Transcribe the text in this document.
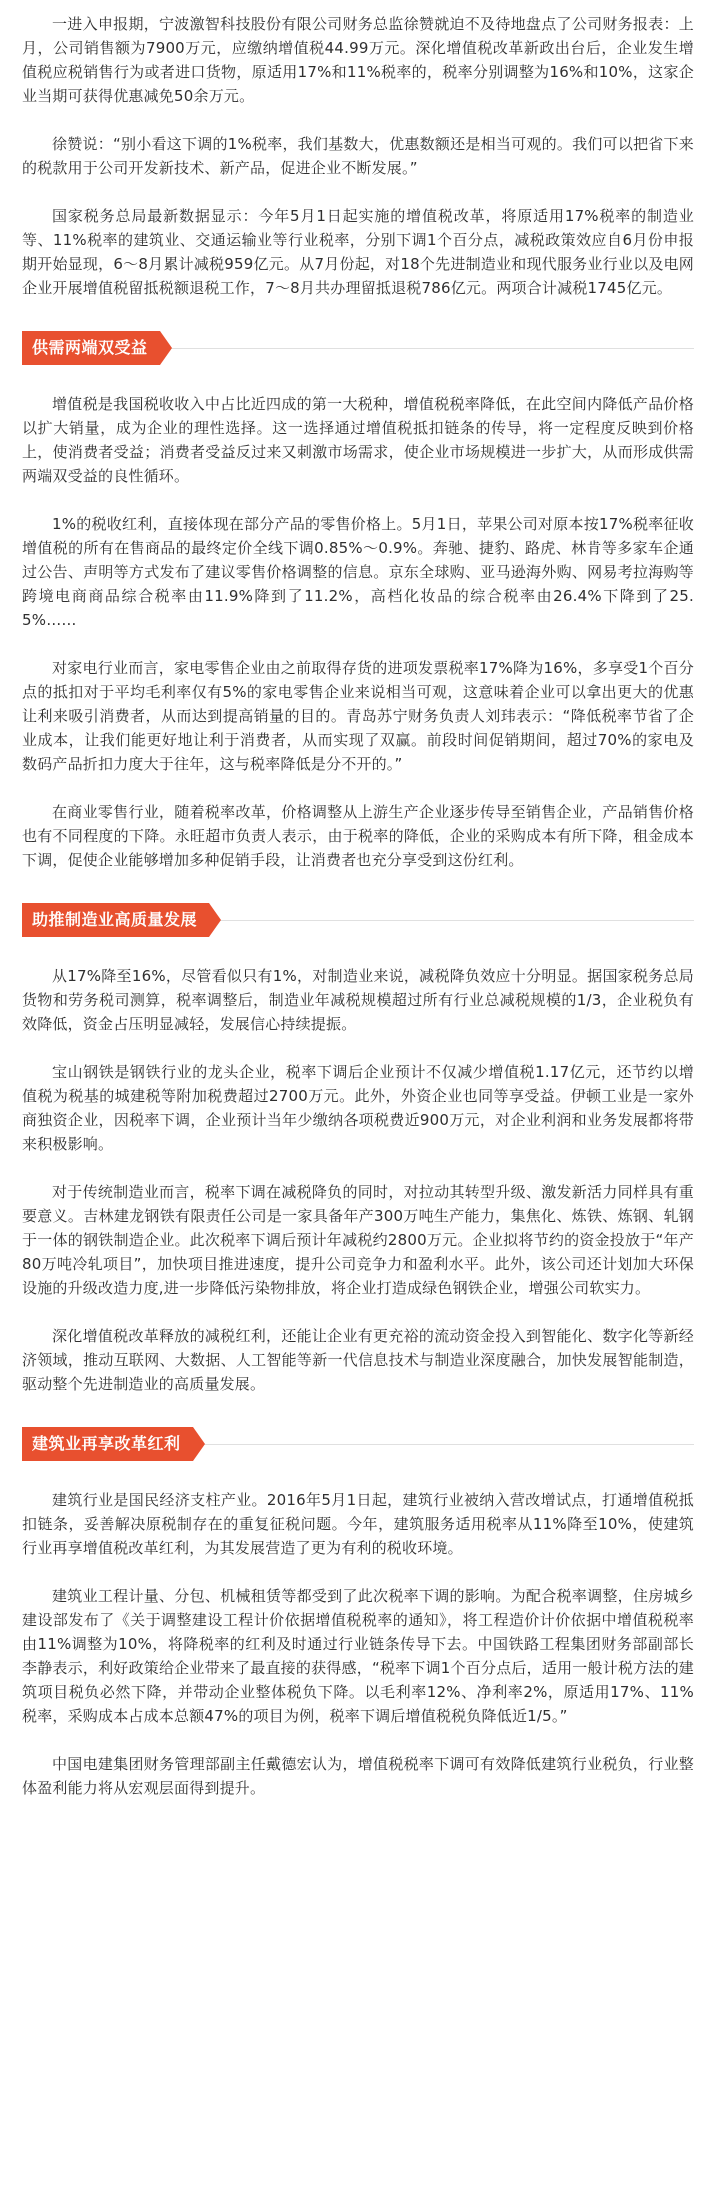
一进入申报期，宁波激智科技股份有限公司财务总监徐赞就迫不及待地盘点了公司财务报表：上月，公司销售额为7900万元，应缴纳增值税44.99万元。深化增值税改革新政出台后，企业发生增值税应税销售行为或者进口货物，原适用17%和11%税率的，税率分别调整为16%和10%，这家企业当期可获得优惠减免50余万元。

徐赞说：“别小看这下调的1%税率，我们基数大，优惠数额还是相当可观的。我们可以把省下来的税款用于公司开发新技术、新产品，促进企业不断发展。”

国家税务总局最新数据显示：今年5月1日起实施的增值税改革，将原适用17%税率的制造业等、11%税率的建筑业、交通运输业等行业税率，分别下调1个百分点，减税政策效应自6月份申报期开始显现，6～8月累计减税959亿元。从7月份起，对18个先进制造业和现代服务业行业以及电网企业开展增值税留抵税额退税工作，7～8月共办理留抵退税786亿元。两项合计减税1745亿元。

供需两端双受益

增值税是我国税收收入中占比近四成的第一大税种，增值税税率降低，在此空间内降低产品价格以扩大销量，成为企业的理性选择。这一选择通过增值税抵扣链条的传导，将一定程度反映到价格上，使消费者受益；消费者受益反过来又刺激市场需求，使企业市场规模进一步扩大，从而形成供需两端双受益的良性循环。

1%的税收红利，直接体现在部分产品的零售价格上。5月1日，苹果公司对原本按17%税率征收增值税的所有在售商品的最终定价全线下调0.85%～0.9%。奔驰、捷豹、路虎、林肯等多家车企通过公告、声明等方式发布了建议零售价格调整的信息。京东全球购、亚马逊海外购、网易考拉海购等跨境电商商品综合税率由11.9%降到了11.2%，高档化妆品的综合税率由26.4%下降到了25.5%……

对家电行业而言，家电零售企业由之前取得存货的进项发票税率17%降为16%，多享受1个百分点的抵扣对于平均毛利率仅有5%的家电零售企业来说相当可观，这意味着企业可以拿出更大的优惠让利来吸引消费者，从而达到提高销量的目的。青岛苏宁财务负责人刘玮表示：“降低税率节省了企业成本，让我们能更好地让利于消费者，从而实现了双赢。前段时间促销期间，超过70%的家电及数码产品折扣力度大于往年，这与税率降低是分不开的。”

在商业零售行业，随着税率改革，价格调整从上游生产企业逐步传导至销售企业，产品销售价格也有不同程度的下降。永旺超市负责人表示，由于税率的降低，企业的采购成本有所下降，租金成本下调，促使企业能够增加多种促销手段，让消费者也充分享受到这份红利。

助推制造业高质量发展

从17%降至16%，尽管看似只有1%，对制造业来说，减税降负效应十分明显。据国家税务总局货物和劳务税司测算，税率调整后，制造业年减税规模超过所有行业总减税规模的1/3，企业税负有效降低，资金占压明显减轻，发展信心持续提振。

宝山钢铁是钢铁行业的龙头企业，税率下调后企业预计不仅减少增值税1.17亿元，还节约以增值税为税基的城建税等附加税费超过2700万元。此外，外资企业也同等享受益。伊顿工业是一家外商独资企业，因税率下调，企业预计当年少缴纳各项税费近900万元，对企业利润和业务发展都将带来积极影响。

对于传统制造业而言，税率下调在减税降负的同时，对拉动其转型升级、激发新活力同样具有重要意义。吉林建龙钢铁有限责任公司是一家具备年产300万吨生产能力，集焦化、炼铁、炼钢、轧钢于一体的钢铁制造企业。此次税率下调后预计年减税约2800万元。企业拟将节约的资金投放于“年产80万吨冷轧项目”，加快项目推进速度，提升公司竞争力和盈利水平。此外，该公司还计划加大环保设施的升级改造力度,进一步降低污染物排放，将企业打造成绿色钢铁企业，增强公司软实力。

深化增值税改革释放的减税红利，还能让企业有更充裕的流动资金投入到智能化、数字化等新经济领域，推动互联网、大数据、人工智能等新一代信息技术与制造业深度融合，加快发展智能制造，驱动整个先进制造业的高质量发展。

建筑业再享改革红利

建筑行业是国民经济支柱产业。2016年5月1日起，建筑行业被纳入营改增试点，打通增值税抵扣链条，妥善解决原税制存在的重复征税问题。今年，建筑服务适用税率从11%降至10%，使建筑行业再享增值税改革红利，为其发展营造了更为有利的税收环境。

建筑业工程计量、分包、机械租赁等都受到了此次税率下调的影响。为配合税率调整，住房城乡建设部发布了《关于调整建设工程计价依据增值税税率的通知》，将工程造价计价依据中增值税税率由11%调整为10%，将降税率的红利及时通过行业链条传导下去。中国铁路工程集团财务部副部长李静表示，利好政策给企业带来了最直接的获得感，“税率下调1个百分点后，适用一般计税方法的建筑项目税负必然下降，并带动企业整体税负下降。以毛利率12%、净利率2%，原适用17%、11%税率，采购成本占成本总额47%的项目为例，税率下调后增值税税负降低近1/5。”

中国电建集团财务管理部副主任戴德宏认为，增值税税率下调可有效降低建筑行业税负，行业整体盈利能力将从宏观层面得到提升。
